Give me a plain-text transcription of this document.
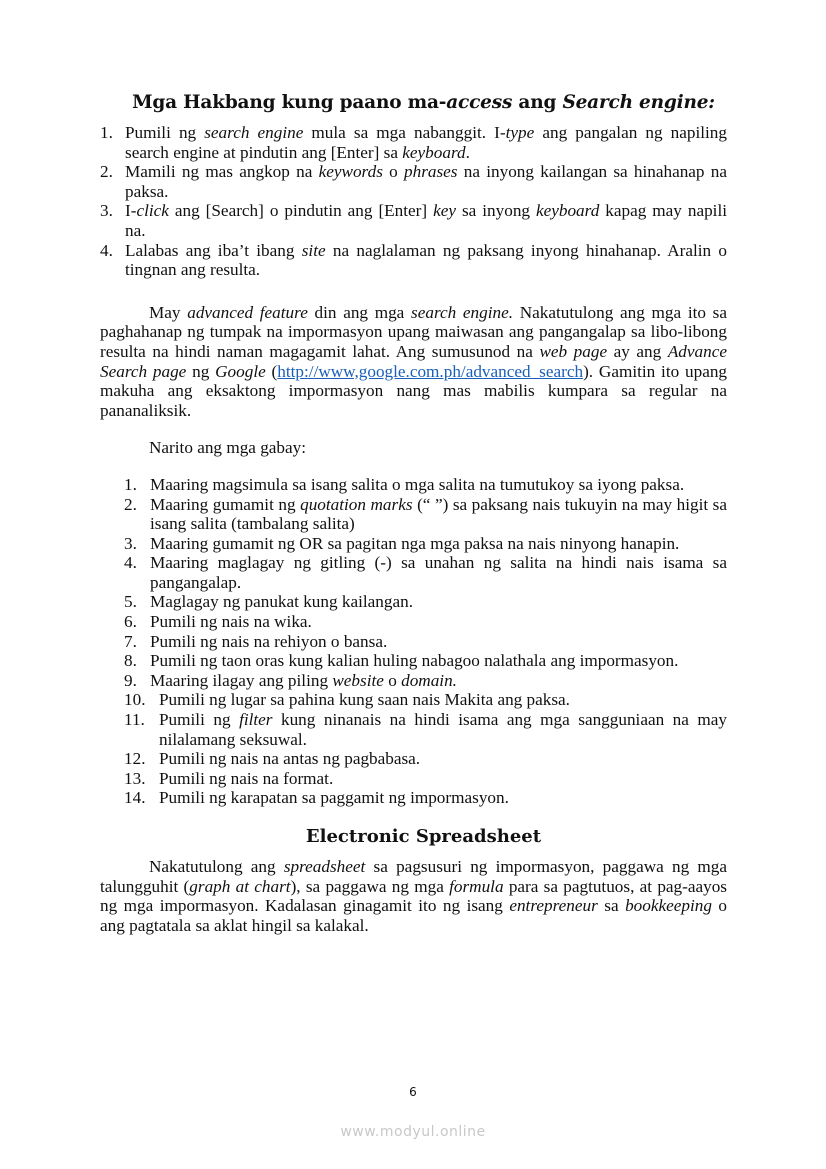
Mga Hakbang kung paano ma-access ang Search engine:
1. Pumili ng search engine mula sa mga nabanggit. I-type ang pangalan ng napiling search engine at pindutin ang [Enter] sa keyboard.
2. Mamili ng mas angkop na keywords o phrases na inyong kailangan sa hinahanap na paksa.
3. I-click ang [Search] o pindutin ang [Enter] key sa inyong keyboard kapag may napili na.
4. Lalabas ang iba’t ibang site na naglalaman ng paksang inyong hinahanap. Aralin o tingnan ang resulta.

May advanced feature din ang mga search engine. Nakatutulong ang mga ito sa paghahanap ng tumpak na impormasyon upang maiwasan ang pangangalap sa libo-libong resulta na hindi naman magagamit lahat. Ang sumusunod na web page ay ang Advance Search page ng Google (http://www,google.com.ph/advanced_search). Gamitin ito upang makuha ang eksaktong impormasyon nang mas mabilis kumpara sa regular na pananaliksik.

Narito ang mga gabay:

1. Maaring magsimula sa isang salita o mga salita na tumutukoy sa iyong paksa.
2. Maaring gumamit ng quotation marks (“ ”) sa paksang nais tukuyin na may higit sa isang salita (tambalang salita)
3. Maaring gumamit ng OR sa pagitan nga mga paksa na nais ninyong hanapin.
4. Maaring maglagay ng gitling (-) sa unahan ng salita na hindi nais isama sa pangangalap.
5. Maglagay ng panukat kung kailangan.
6. Pumili ng nais na wika.
7. Pumili ng nais na rehiyon o bansa.
8. Pumili ng taon oras kung kalian huling nabagoo nalathala ang impormasyon.
9. Maaring ilagay ang piling website o domain.
10. Pumili ng lugar sa pahina kung saan nais Makita ang paksa.
11. Pumili ng filter kung ninanais na hindi isama ang mga sangguniaan na may nilalamang seksuwal.
12. Pumili ng nais na antas ng pagbabasa.
13. Pumili ng nais na format.
14. Pumili ng karapatan sa paggamit ng impormasyon.
Electronic Spreadsheet

Nakatutulong ang spreadsheet sa pagsusuri ng impormasyon, paggawa ng mga talungguhit (graph at chart), sa paggawa ng mga formula para sa pagtutuos, at pag-aayos ng mga impormasyon. Kadalasan ginagamit ito ng isang entrepreneur sa bookkeeping o ang pagtatala sa aklat hingil sa kalakal.

6
www.modyul.online
